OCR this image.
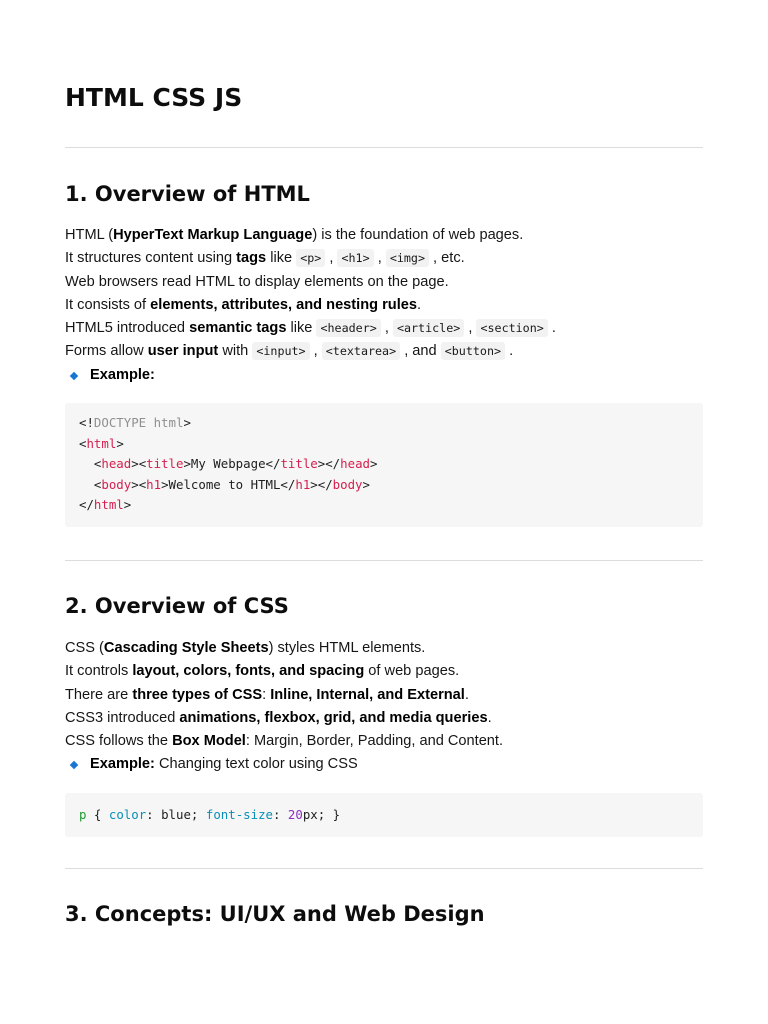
HTML CSS JS
1. Overview of HTML
HTML (HyperText Markup Language) is the foundation of web pages.
It structures content using tags like <p> , <h1> , <img> , etc.
Web browsers read HTML to display elements on the page.
It consists of elements, attributes, and nesting rules.
HTML5 introduced semantic tags like <header> , <article> , <section> .
Forms allow user input with <input> , <textarea> , and <button> .
Example:
<!DOCTYPE html>
<html>
<head><title>My Webpage</title></head>
<body><h1>Welcome to HTML</h1></body>
</html>
2. Overview of CSS
CSS (Cascading Style Sheets) styles HTML elements.
It controls layout, colors, fonts, and spacing of web pages.
There are three types of CSS: Inline, Internal, and External.
CSS3 introduced animations, flexbox, grid, and media queries.
CSS follows the Box Model: Margin, Border, Padding, and Content.
Example: Changing text color using CSS
p { color: blue; font-size: 20px; }
3. Concepts: UI/UX and Web Design
